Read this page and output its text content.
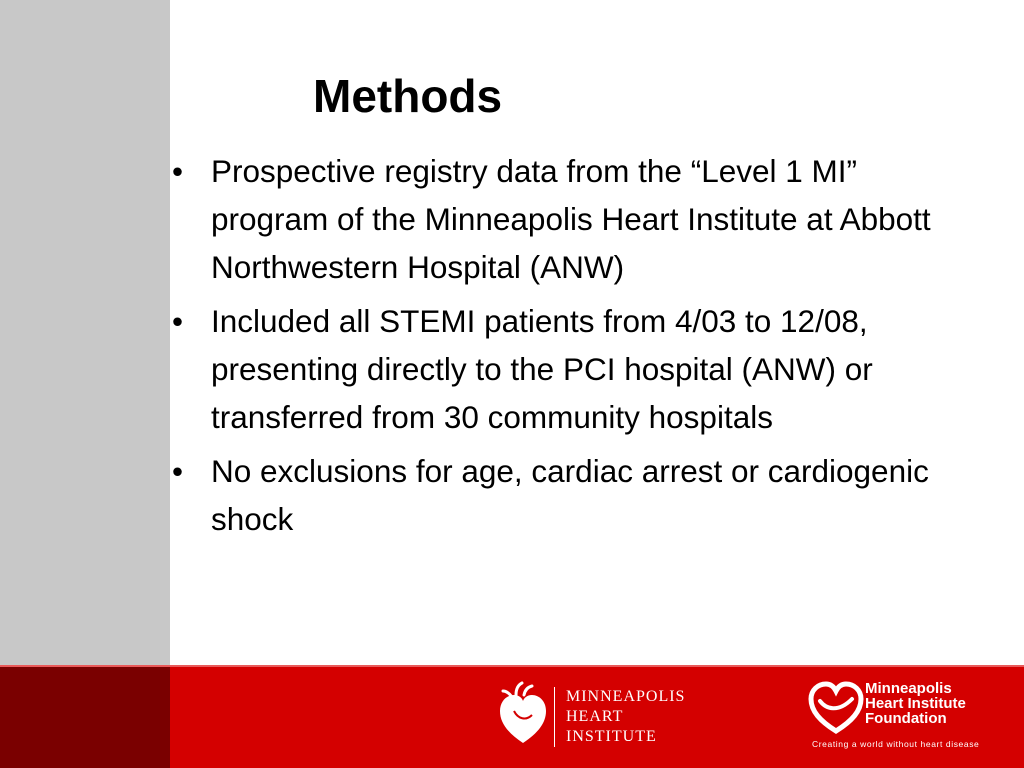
Methods
• Prospective registry data from the “Level 1 MI” program of the Minneapolis Heart Institute at Abbott Northwestern Hospital (ANW)
• Included all STEMI patients from 4/03 to 12/08, presenting directly to the PCI hospital (ANW) or transferred from 30 community hospitals
• No exclusions for age, cardiac arrest or cardiogenic shock
MINNEAPOLIS
HEART
INSTITUTE
Minneapolis
Heart Institute
Foundation
Creating a world without heart disease
